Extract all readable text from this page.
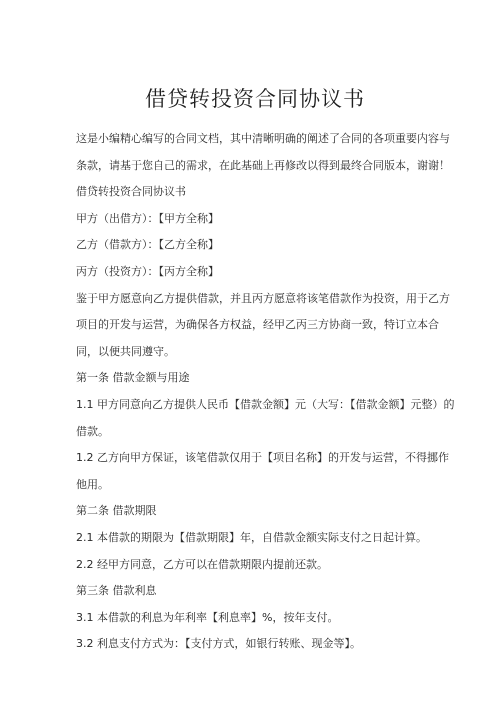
借贷转投资合同协议书

这是小编精心编写的合同文档，其中清晰明确的阐述了合同的各项重要内容与
条款，请基于您自己的需求，在此基础上再修改以得到最终合同版本，谢谢！

借贷转投资合同协议书

甲方（出借方）：【甲方全称】

乙方（借款方）：【乙方全称】

丙方（投资方）：【丙方全称】

鉴于甲方愿意向乙方提供借款，并且丙方愿意将该笔借款作为投资，用于乙方
项目的开发与运营，为确保各方权益，经甲乙丙三方协商一致，特订立本合
同，以便共同遵守。

第一条 借款金额与用途

1.1 甲方同意向乙方提供人民币【借款金额】元（大写：【借款金额】元整）的
借款。

1.2 乙方向甲方保证，该笔借款仅用于【项目名称】的开发与运营，不得挪作
他用。

第二条 借款期限

2.1 本借款的期限为【借款期限】年，自借款金额实际支付之日起计算。

2.2 经甲方同意，乙方可以在借款期限内提前还款。

第三条 借款利息

3.1 本借款的利息为年利率【利息率】%，按年支付。

3.2 利息支付方式为：【支付方式，如银行转账、现金等】。
